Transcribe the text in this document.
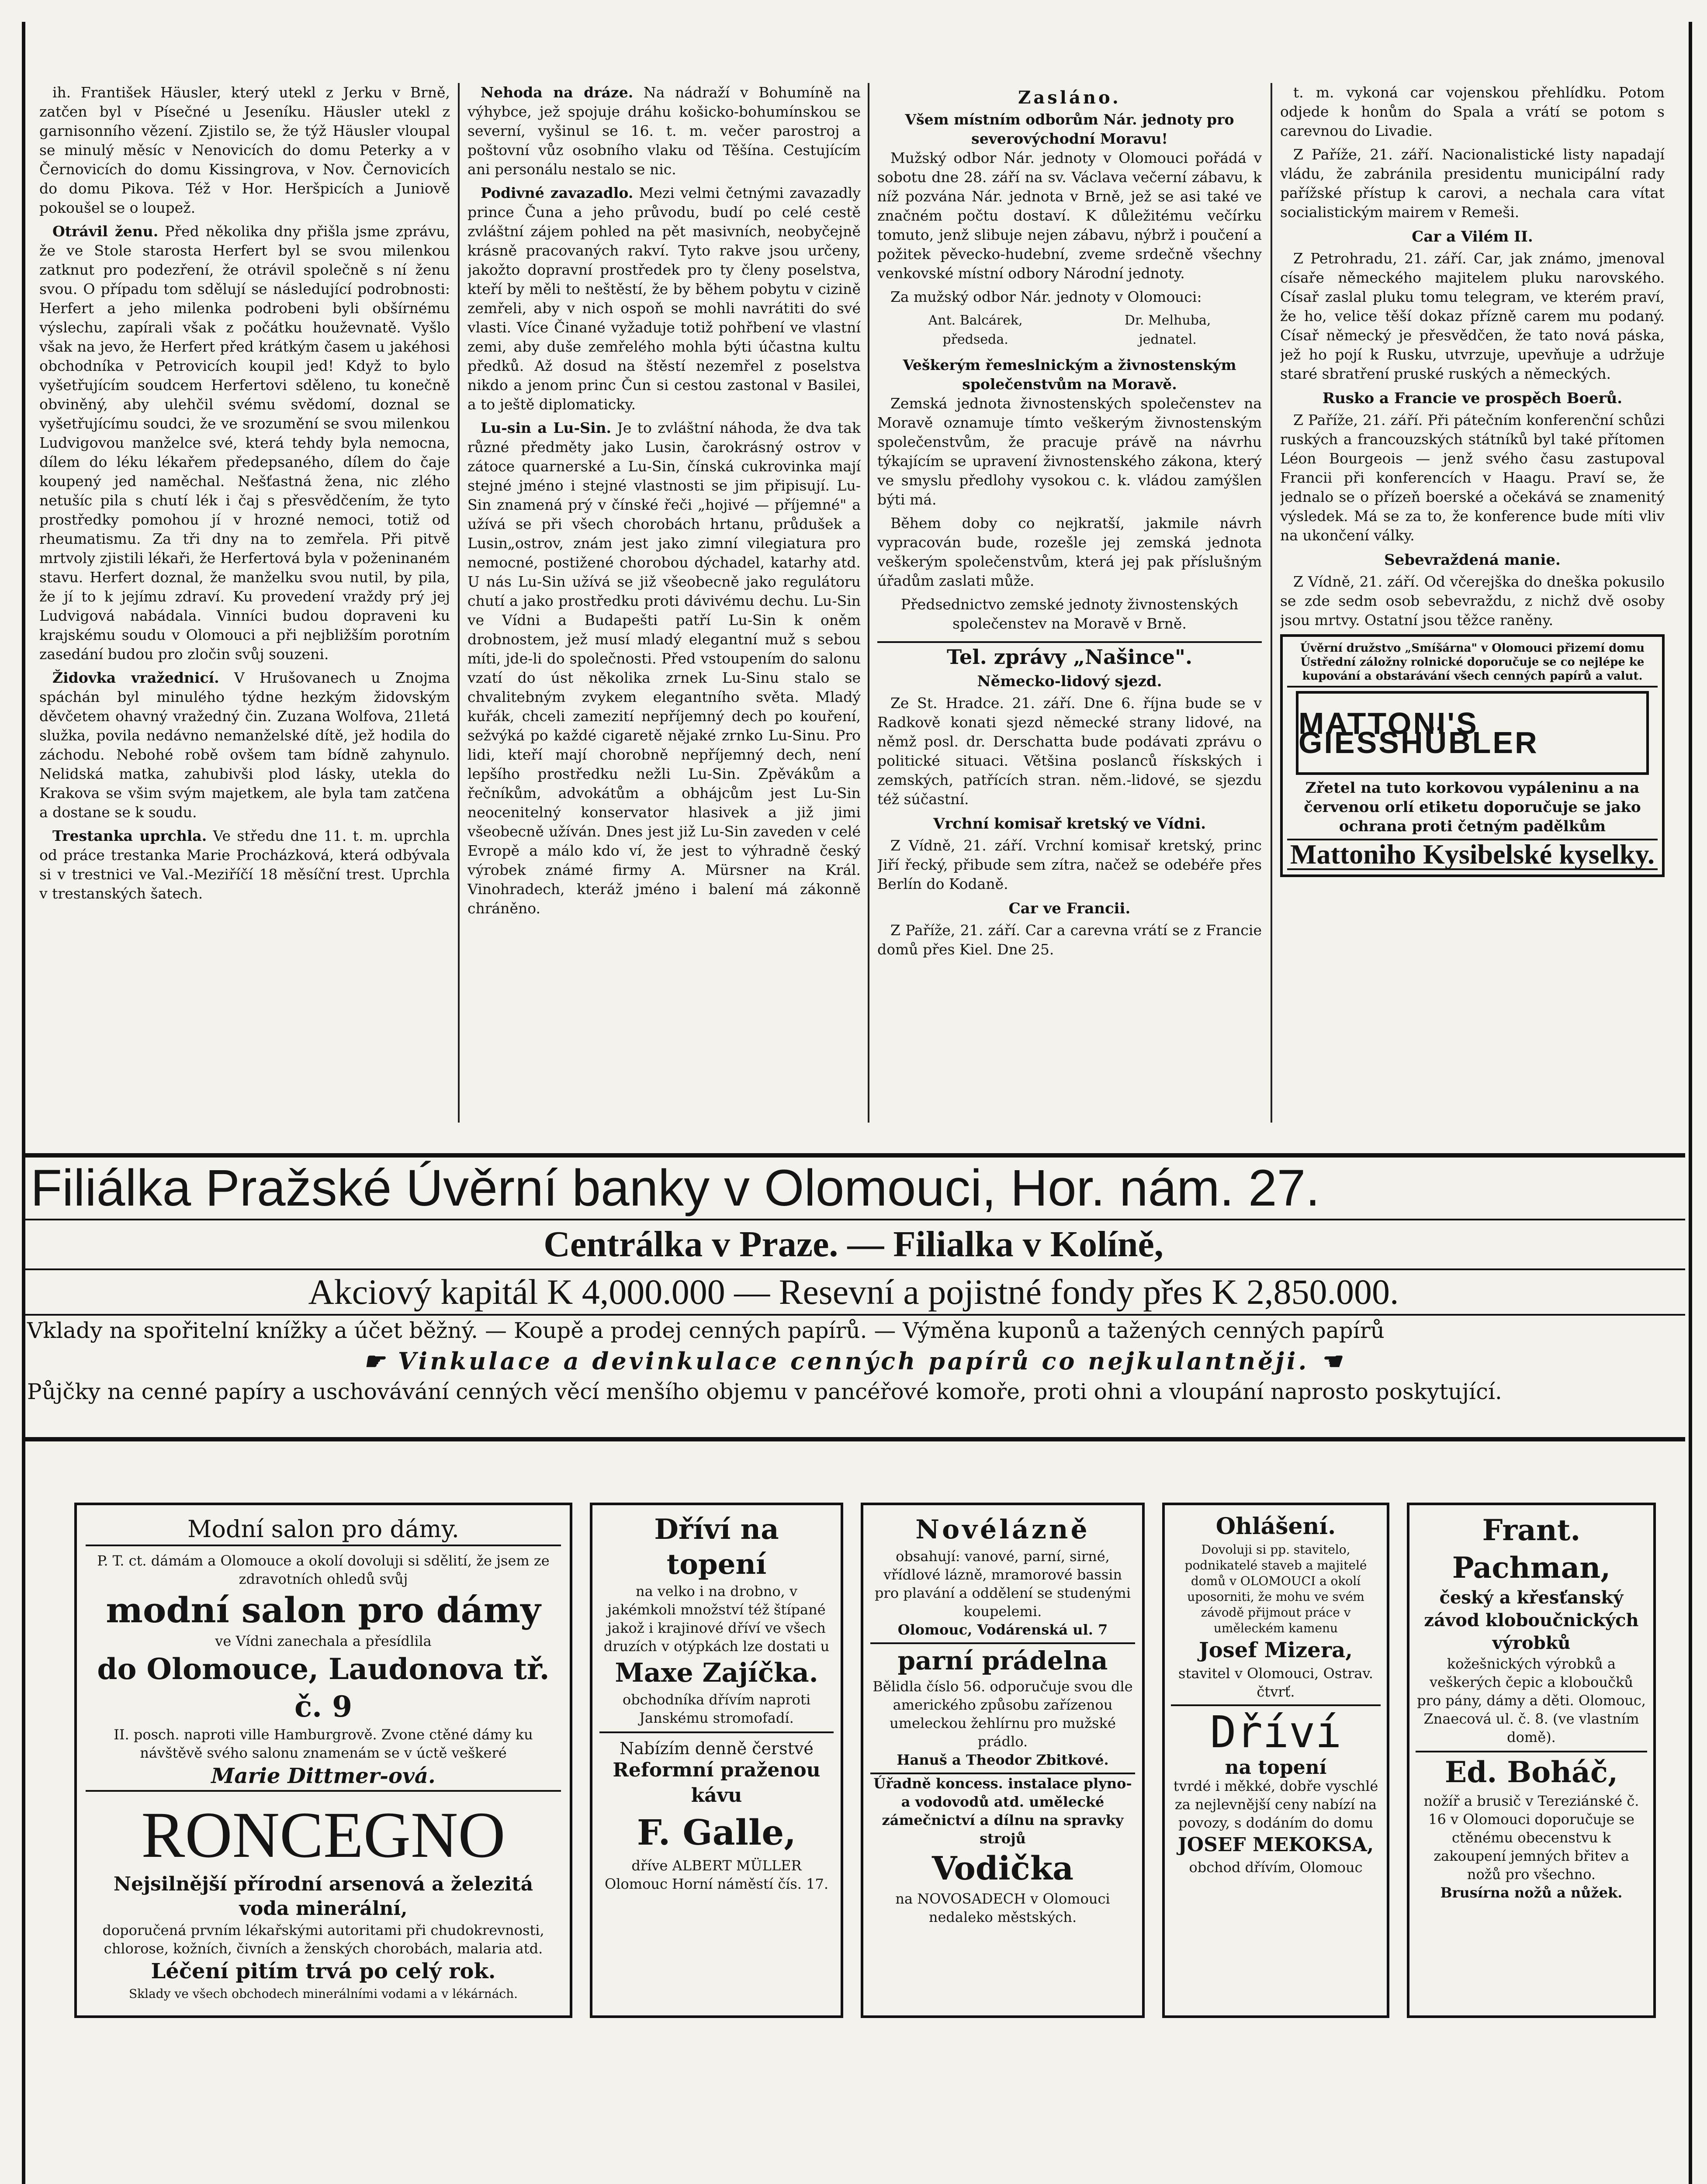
ih. František Häusler, který utekl z Jerku v Brně, zatčen byl v Písečné u Jeseníku. Häusler utekl z garnisonního vězení. Zjistilo se, že týž Häusler vloupal se minulý měsíc v Nenovicích do domu Peterky a v Černovicích do domu Kissingrova, v Nov. Černovicích do domu Pikova. Též v Hor. Heršpicích a Juniově pokoušel se o loupež.

Otrávil ženu. Před několika dny přišla jsme zprávu, že ve Stole starosta Herfert byl se svou milenkou zatknut pro podezření, že otrávil společně s ní ženu svou. O případu tom sdělují se následující podrobnosti: Herfert a jeho milenka podrobeni byli obšírnému výslechu, zapírali však z počátku houževnatě. Vyšlo však na jevo, že Herfert před krátkým časem u jakéhosi obchodníka v Petrovicích koupil jed! Když to bylo vyšetřujícím soudcem Herfertovi sděleno, tu konečně obviněný, aby ulehčil svému svědomí, doznal se vyšetřujícímu soudci, že ve srozumění se svou milenkou Ludvigovou manželce své, která tehdy byla nemocna, dílem do léku lékařem předepsaného, dílem do čaje koupený jed naměchal. Nešťastná žena, nic zlého netušíc pila s chutí lék i čaj s přesvědčením, že tyto prostředky pomohou jí v hrozné nemoci, totiž od rheumatismu. Za tři dny na to zemřela. Při pitvě mrtvoly zjistili lékaři, že Herfertová byla v poženinaném stavu. Herfert doznal, že manželku svou nutil, by pila, že jí to k jejímu zdraví. Ku provedení vraždy prý jej Ludvigová nabádala. Vinníci budou dopraveni ku krajskému soudu v Olomouci a při nejbližším porotním zasedání budou pro zločin svůj souzeni.

Židovka vražednicí. V Hrušovanech u Znojma spáchán byl minulého týdne hezkým židovským děvčetem ohavný vražedný čin. Zuzana Wolfova, 21letá služka, povila nedávno nemanželské dítě, jež hodila do záchodu. Nebohé robě ovšem tam bídně zahynulo. Nelidská matka, zahubivši plod lásky, utekla do Krakova se všim svým majetkem, ale byla tam zatčena a dostane se k soudu.

Trestanka uprchla. Ve středu dne 11. t. m. uprchla od práce trestanka Marie Procházková, která odbývala si v trestnici ve Val.-Meziříčí 18 měsíční trest. Uprchla v trestanských šatech.

Nehoda na dráze. Na nádraží v Bohumíně na výhybce, jež spojuje dráhu košicko-bohumínskou se severní, vyšinul se 16. t. m. večer parostroj a poštovní vůz osobního vlaku od Těšína. Cestujícím ani personálu nestalo se nic.

Podivné zavazadlo. Mezi velmi četnými zavazadly prince Čuna a jeho průvodu, budí po celé cestě zvláštní zájem pohled na pět masivních, neobyčejně krásně pracovaných rakví. Tyto rakve jsou určeny, jakožto dopravní prostředek pro ty členy poselstva, kteří by měli to neštěstí, že by během pobytu v cizině zemřeli, aby v nich ospoň se mohli navrátiti do své vlasti. Více Činané vyžaduje totiž pohřbení ve vlastní zemi, aby duše zemřelého mohla býti účastna kultu předků. Až dosud na štěstí nezemřel z poselstva nikdo a jenom princ Čun si cestou zastonal v Basilei, a to ještě diplomaticky.

Lu-sin a Lu-Sin. Je to zvláštní náhoda, že dva tak různé předměty jako Lusin, čarokrásný ostrov v zátoce quarnerské a Lu-Sin, čínská cukrovinka mají stejné jméno i stejné vlastnosti se jim připisují. Lu-Sin znamená prý v čínské řeči „hojivé — příjemné" a užívá se při všech chorobách hrtanu, průdušek a Lusin„ostrov, znám jest jako zimní vilegiatura pro nemocné, postižené chorobou dýchadel, katarhy atd. U nás Lu-Sin užívá se již všeobecně jako regulátoru chutí a jako prostředku proti dávivému dechu. Lu-Sin ve Vídni a Budapešti patří Lu-Sin k oněm drobnostem, jež musí mladý elegantní muž s sebou míti, jde-li do společnosti. Před vstoupením do salonu vzatí do úst několika zrnek Lu-Sinu stalo se chvalitebným zvykem elegantního světa. Mladý kuřák, chceli zamezití nepříjemný dech po kouření, sežvýká po každé cigaretě nějaké zrnko Lu-Sinu. Pro lidi, kteří mají chorobně nepříjemný dech, není lepšího prostředku nežli Lu-Sin. Zpěvákům a řečníkům, advokátům a obhájcům jest Lu-Sin neocenitelný konservator hlasivek a již jimi všeobecně užíván. Dnes jest již Lu-Sin zaveden v celé Evropě a málo kdo ví, že jest to výhradně český výrobek známé firmy A. Mürsner na Král. Vinohradech, kteráž jméno i balení má zákonně chráněno.

Zasláno.
Všem místním odborům Nár. jednoty pro severovýchodní Moravu!

Mužský odbor Nár. jednoty v Olomouci pořádá v sobotu dne 28. září na sv. Václava večerní zábavu, k níž pozvána Nár. jednota v Brně, jež se asi také ve značném počtu dostaví. K důležitému večírku tomuto, jenž slibuje nejen zábavu, nýbrž i poučení a požitek pěvecko-hudební, zveme srdečně všechny venkovské místní odbory Národní jednoty.

Za mužský odbor Nár. jednoty v Olomouci:

Ant. Balcárek,
předseda.
Dr. Melhuba,
jednatel.
Veškerým řemeslnickým a živnostenským společenstvům na Moravě.

Zemská jednota živnostenských společenstev na Moravě oznamuje tímto veškerým živnostenským společenstvům, že pracuje právě na návrhu týkajícím se upravení živnostenského zákona, který ve smyslu předlohy vysokou c. k. vládou zamýšlen býti má.

Během doby co nejkratší, jakmile návrh vypracován bude, rozešle jej zemská jednota veškerým společenstvům, která jej pak příslušným úřadům zaslati může.

Předsednictvo zemské jednoty živnostenských společenstev na Moravě v Brně.
Tel. zprávy „Našince".
Německo-lidový sjezd.

Ze St. Hradce. 21. září. Dne 6. října bude se v Radkově konati sjezd německé strany lidové, na němž posl. dr. Derschatta bude podávati zprávu o politické situaci. Většina poslanců řískských i zemských, patřících stran. něm.-lidové, se sjezdu též súčastní.

Vrchní komisař kretský ve Vídni.

Z Vídně, 21. září. Vrchní komisař kretský, princ Jiří řecký, přibude sem zítra, načež se odebéře přes Berlín do Kodaně.

Car ve Francii.

Z Paříže, 21. září. Car a carevna vrátí se z Francie domů přes Kiel. Dne 25.

t. m. vykoná car vojenskou přehlídku. Potom odjede k honům do Spala a vrátí se potom s carevnou do Livadie.

Z Paříže, 21. září. Nacionalistické listy napadají vládu, že zabránila presidentu municipální rady pařížské přístup k carovi, a nechala cara vítat socialistickým mairem v Remeši.

Car a Vilém II.

Z Petrohradu, 21. září. Car, jak známo, jmenoval císaře německého majitelem pluku narovského. Císař zaslal pluku tomu telegram, ve kterém praví, že ho, velice těší dokaz přízně carem mu podaný. Císař německý je přesvědčen, že tato nová páska, jež ho pojí k Rusku, utvrzuje, upevňuje a udržuje staré sbratření pruské ruských a německých.

Rusko a Francie ve prospěch Boerů.

Z Paříže, 21. září. Při pátečním konferenční schůzi ruských a francouzských státníků byl také přítomen Léon Bourgeois — jenž svého času zastupoval Francii při konferencích v Haagu. Praví se, že jednalo se o přízeň boerské a očekává se znamenitý výsledek. Má se za to, že konference bude míti vliv na ukončení války.

Sebevraždená manie.

Z Vídně, 21. září. Od včerejška do dneška pokusilo se zde sedm osob sebevraždu, z nichž dvě osoby jsou mrtvy. Ostatní jsou těžce raněny.

Úvěrní družstvo „Smíšárna" v Olomouci přizemí domu Ústřední záložny rolnické doporučuje se co nejlépe ke kupování a obstarávání všech cenných papírů a valut.
MATTONI'S GIESSHÜBLER
Zřetel na tuto korkovou vypáleninu a na červenou orlí etiketu doporučuje se jako ochrana proti četným padělkům
Mattoniho Kysibelské kyselky.
Filiálka Pražské Úvěrní banky v Olomouci, Hor. nám. 27.
Centrálka v Praze. — Filialka v Kolíně,
Akciový kapitál K 4,000.000 — Resevní a pojistné fondy přes K 2,850.000.
Vklady na spořitelní knížky a účet běžný. — Koupě a prodej cenných papírů. — Výměna kuponů a tažených cenných papírů
☛ Vinkulace a devinkulace cenných papírů co nejkulantněji. ☚
Půjčky na cenné papíry a uschovávání cenných věcí menšího objemu v pancéřové komoře, proti ohni a vloupání naprosto poskytující.
Modní salon pro dámy.
P. T. ct. dámám a Olomouce a okolí dovoluji si sdělití, že jsem ze zdravotních ohledů svůj
modní salon pro dámy
ve Vídni zanechala a přesídlila
do Olomouce, Laudonova tř. č. 9
II. posch. naproti ville Hamburgrově. Zvone ctěné dámy ku návštěvě svého salonu znamenám se v úctě veškeré
Marie Dittmer-ová.
RONCEGNO
Nejsilnější přírodní arsenová a železitá voda minerální,
doporučená prvním lékařskými autoritami při chudokrevnosti, chlorose, kožních, čivních a ženských chorobách, malaria atd.
Léčení pitím trvá po celý rok.
Sklady ve všech obchodech minerálními vodami a v lékárnách.
Dříví na topení
na velko i na drobno, v jakémkoli množství též štípané jakož i krajinové dříví ve všech druzích v otýpkách lze dostati u
Maxe Zajíčka.
obchodníka dřívím naproti Janskému stromofadí.
Nabízím denně čerstvé
Reformní praženou kávu
F. Galle,
dříve ALBERT MÜLLER Olomouc Horní náměstí čís. 17.
Novélázně
obsahují: vanové, parní, sirné, vřídlové lázně, mramorové bassin pro plavání a oddělení se studenými koupelemi.
Olomouc, Vodárenská ul. 7
parní prádelna
Bělidla číslo 56. odporučuje svou dle amerického způsobu zařízenou umeleckou žehlírnu pro mužské prádlo.
Hanuš a Theodor Zbitkové.
Úřadně koncess. instalace plyno- a vodovodů atd. umělecké zámečnictví a dílnu na spravky strojů
Vodička
na NOVOSADECH v Olomouci nedaleko městských.
Ohlášení.
Dovoluji si pp. stavitelo, podnikatelé staveb a majitelé domů v OLOMOUCI a okolí uposorniti, že mohu ve svém závodě přijmout práce v uměleckém kamenu
Josef Mizera,
stavitel v Olomouci, Ostrav. čtvrť.
Dříví
na topení
tvrdé i měkké, dobře vyschlé za nejlevnější ceny nabízí na povozy, s dodáním do domu
JOSEF MEKOKSA,
obchod dřívím, Olomouc
Frant. Pachman,
český a křesťanský závod kloboučnických výrobků
kožešnických výrobků a veškerých čepic a kloboučků pro pány, dámy a děti. Olomouc, Znaecová ul. č. 8. (ve vlastním domě).
Ed. Boháč,
nožíř a brusič v Tereziánské č. 16 v Olomouci doporučuje se ctěnému obecenstvu k zakoupení jemných břitev a nožů pro všechno.
Brusírna nožů a nůžek.
